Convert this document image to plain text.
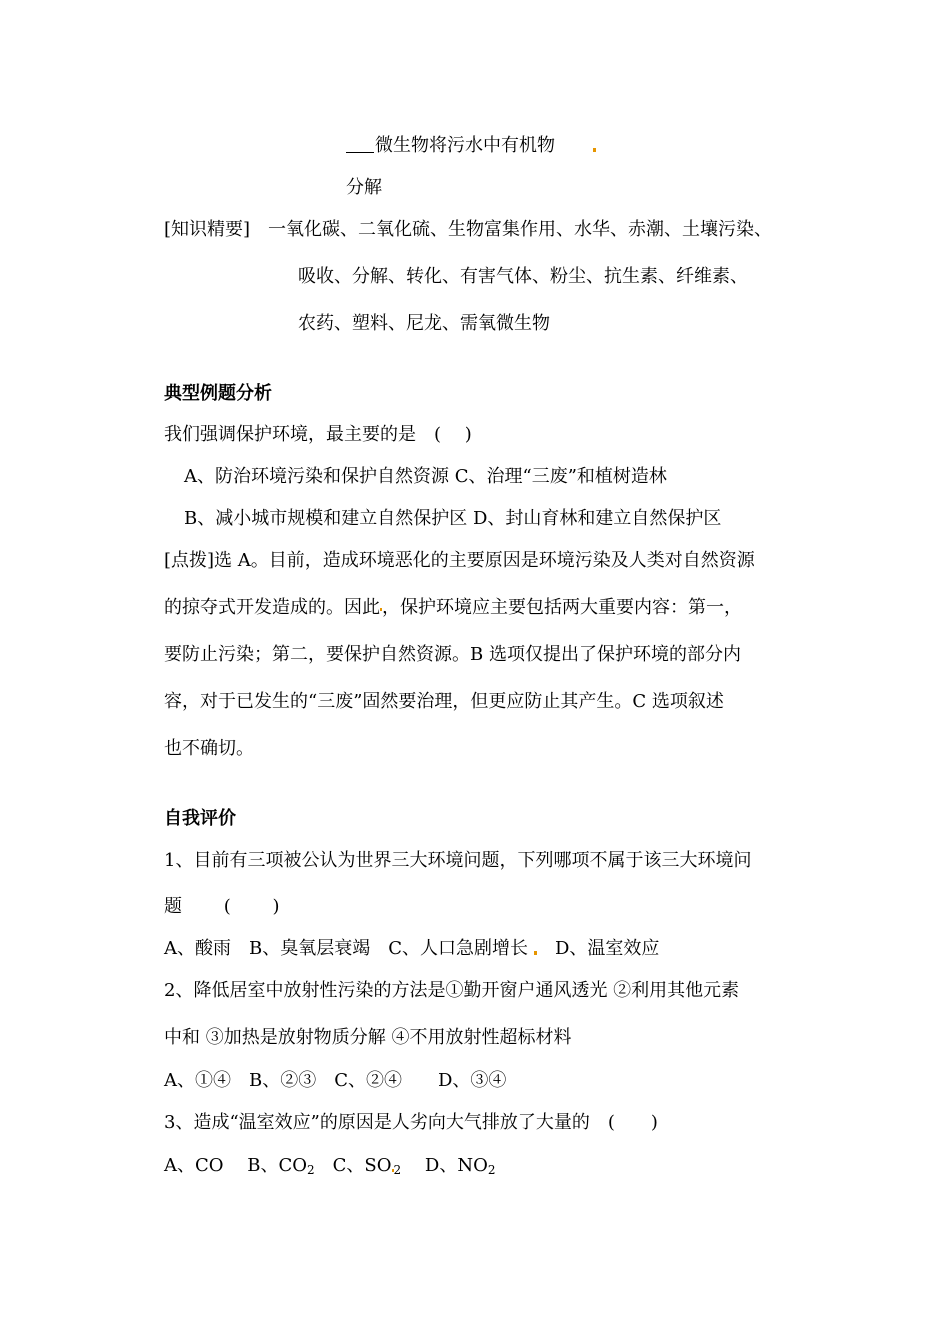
微生物将污水中有机物
分解
[知识精要] 一氧化碳、二氧化硫、生物富集作用、水华、赤潮、土壤污染、
吸收、分解、转化、有害气体、粉尘、抗生素、纤维素、
农药、塑料、尼龙、需氧微生物
典型例题分析
我们强调保护环境，最主要的是　(　 )
A、防治环境污染和保护自然资源 C、治理“三废”和植树造林
B、减小城市规模和建立自然保护区 D、封山育林和建立自然保护区
[点拨]选 A。目前，造成环境恶化的主要原因是环境污染及人类对自然资源
的掠夺式开发造成的。因此 ，保护环境应主要包括两大重要内容：第一，
要防止污染；第二，要保护自然资源。B 选项仅提出了保护环境的部分内
容，对于已发生的“三废”固然要治理，但更应防止其产生。C 选项叙述
也不确切。
自我评价
1、目前有三项被公认为世界三大环境问题，下列哪项不属于该三大环境问
题　　 (　　 )
A、酸雨　B、臭氧层衰竭　C、人口急剧增长　D、温室效应
2、降低居室中放射性污染的方法是①勤开窗户通风透光 ②利用其他元素
中和 ③加热是放射物质分解 ④不用放射性超标材料
A、①④　B、②③　C、②④　　D、③④
3、造成“温室效应”的原因是人劣向大气排放了大量的　(　　)
A、CO　 B、$CO_2$　C、SO $_2$　 D、$NO_2$
